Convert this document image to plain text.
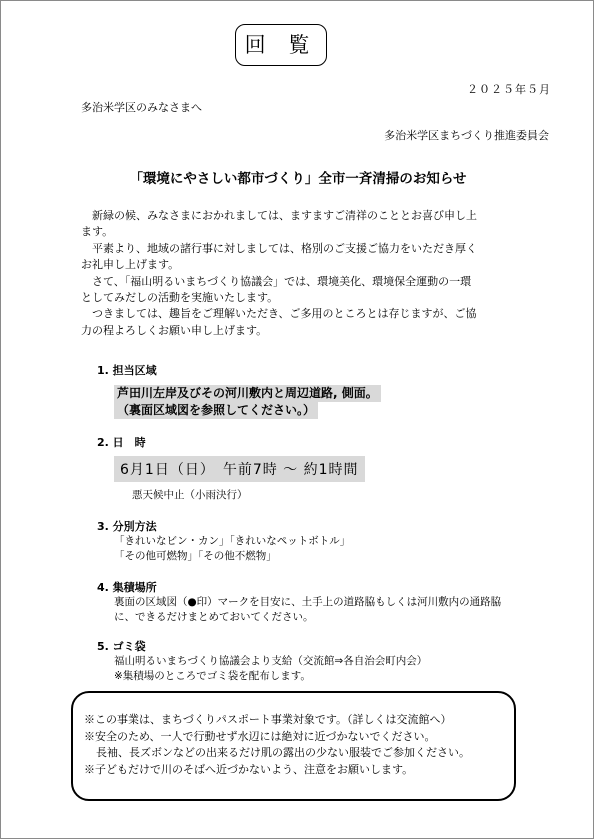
回 覧
２０２５年５月
多治米学区のみなさまへ
多治米学区まちづくり推進委員会
「環境にやさしい都市づくり」全市一斉清掃のお知らせ

新緑の候、みなさまにおかれましては、ますますご清祥のこととお喜び申し上
ます。

平素より、地域の諸行事に対しましては、格別のご支援ご協力をいただき厚く
お礼申し上げます。

さて、「福山明るいまちづくり協議会」では、環境美化、環境保全運動の一環
としてみだしの活動を実施いたします。

つきましては、趣旨をご理解いただき、ご多用のところとは存じますが、ご協
力の程よろしくお願い申し上げます。

1. 担当区域
芦田川左岸及びその河川敷内と周辺道路, 側面。
（裏面区域図を参照してください。）
2. 日　時
6月1日（日）　午前7時 ～ 約1時間
悪天候中止（小雨決行）
3. 分別方法
「きれいなビン・カン」「きれいなペットボトル」
「その他可燃物」「その他不燃物」
4. 集積場所
裏面の区域図（●印）マークを目安に、土手上の道路脇もしくは河川敷内の通路脇
に、できるだけまとめておいてください。
5. ゴミ袋
福山明るいまちづくり協議会より支給（交流館⇒各自治会町内会）
※集積場のところでゴミ袋を配布します。
※この事業は、まちづくりパスポート事業対象です。（詳しくは交流館へ）
※安全のため、一人で行動せず水辺には絶対に近づかないでください。
長袖、長ズボンなどの出来るだけ肌の露出の少ない服装でご参加ください。
※子どもだけで川のそばへ近づかないよう、注意をお願いします。
